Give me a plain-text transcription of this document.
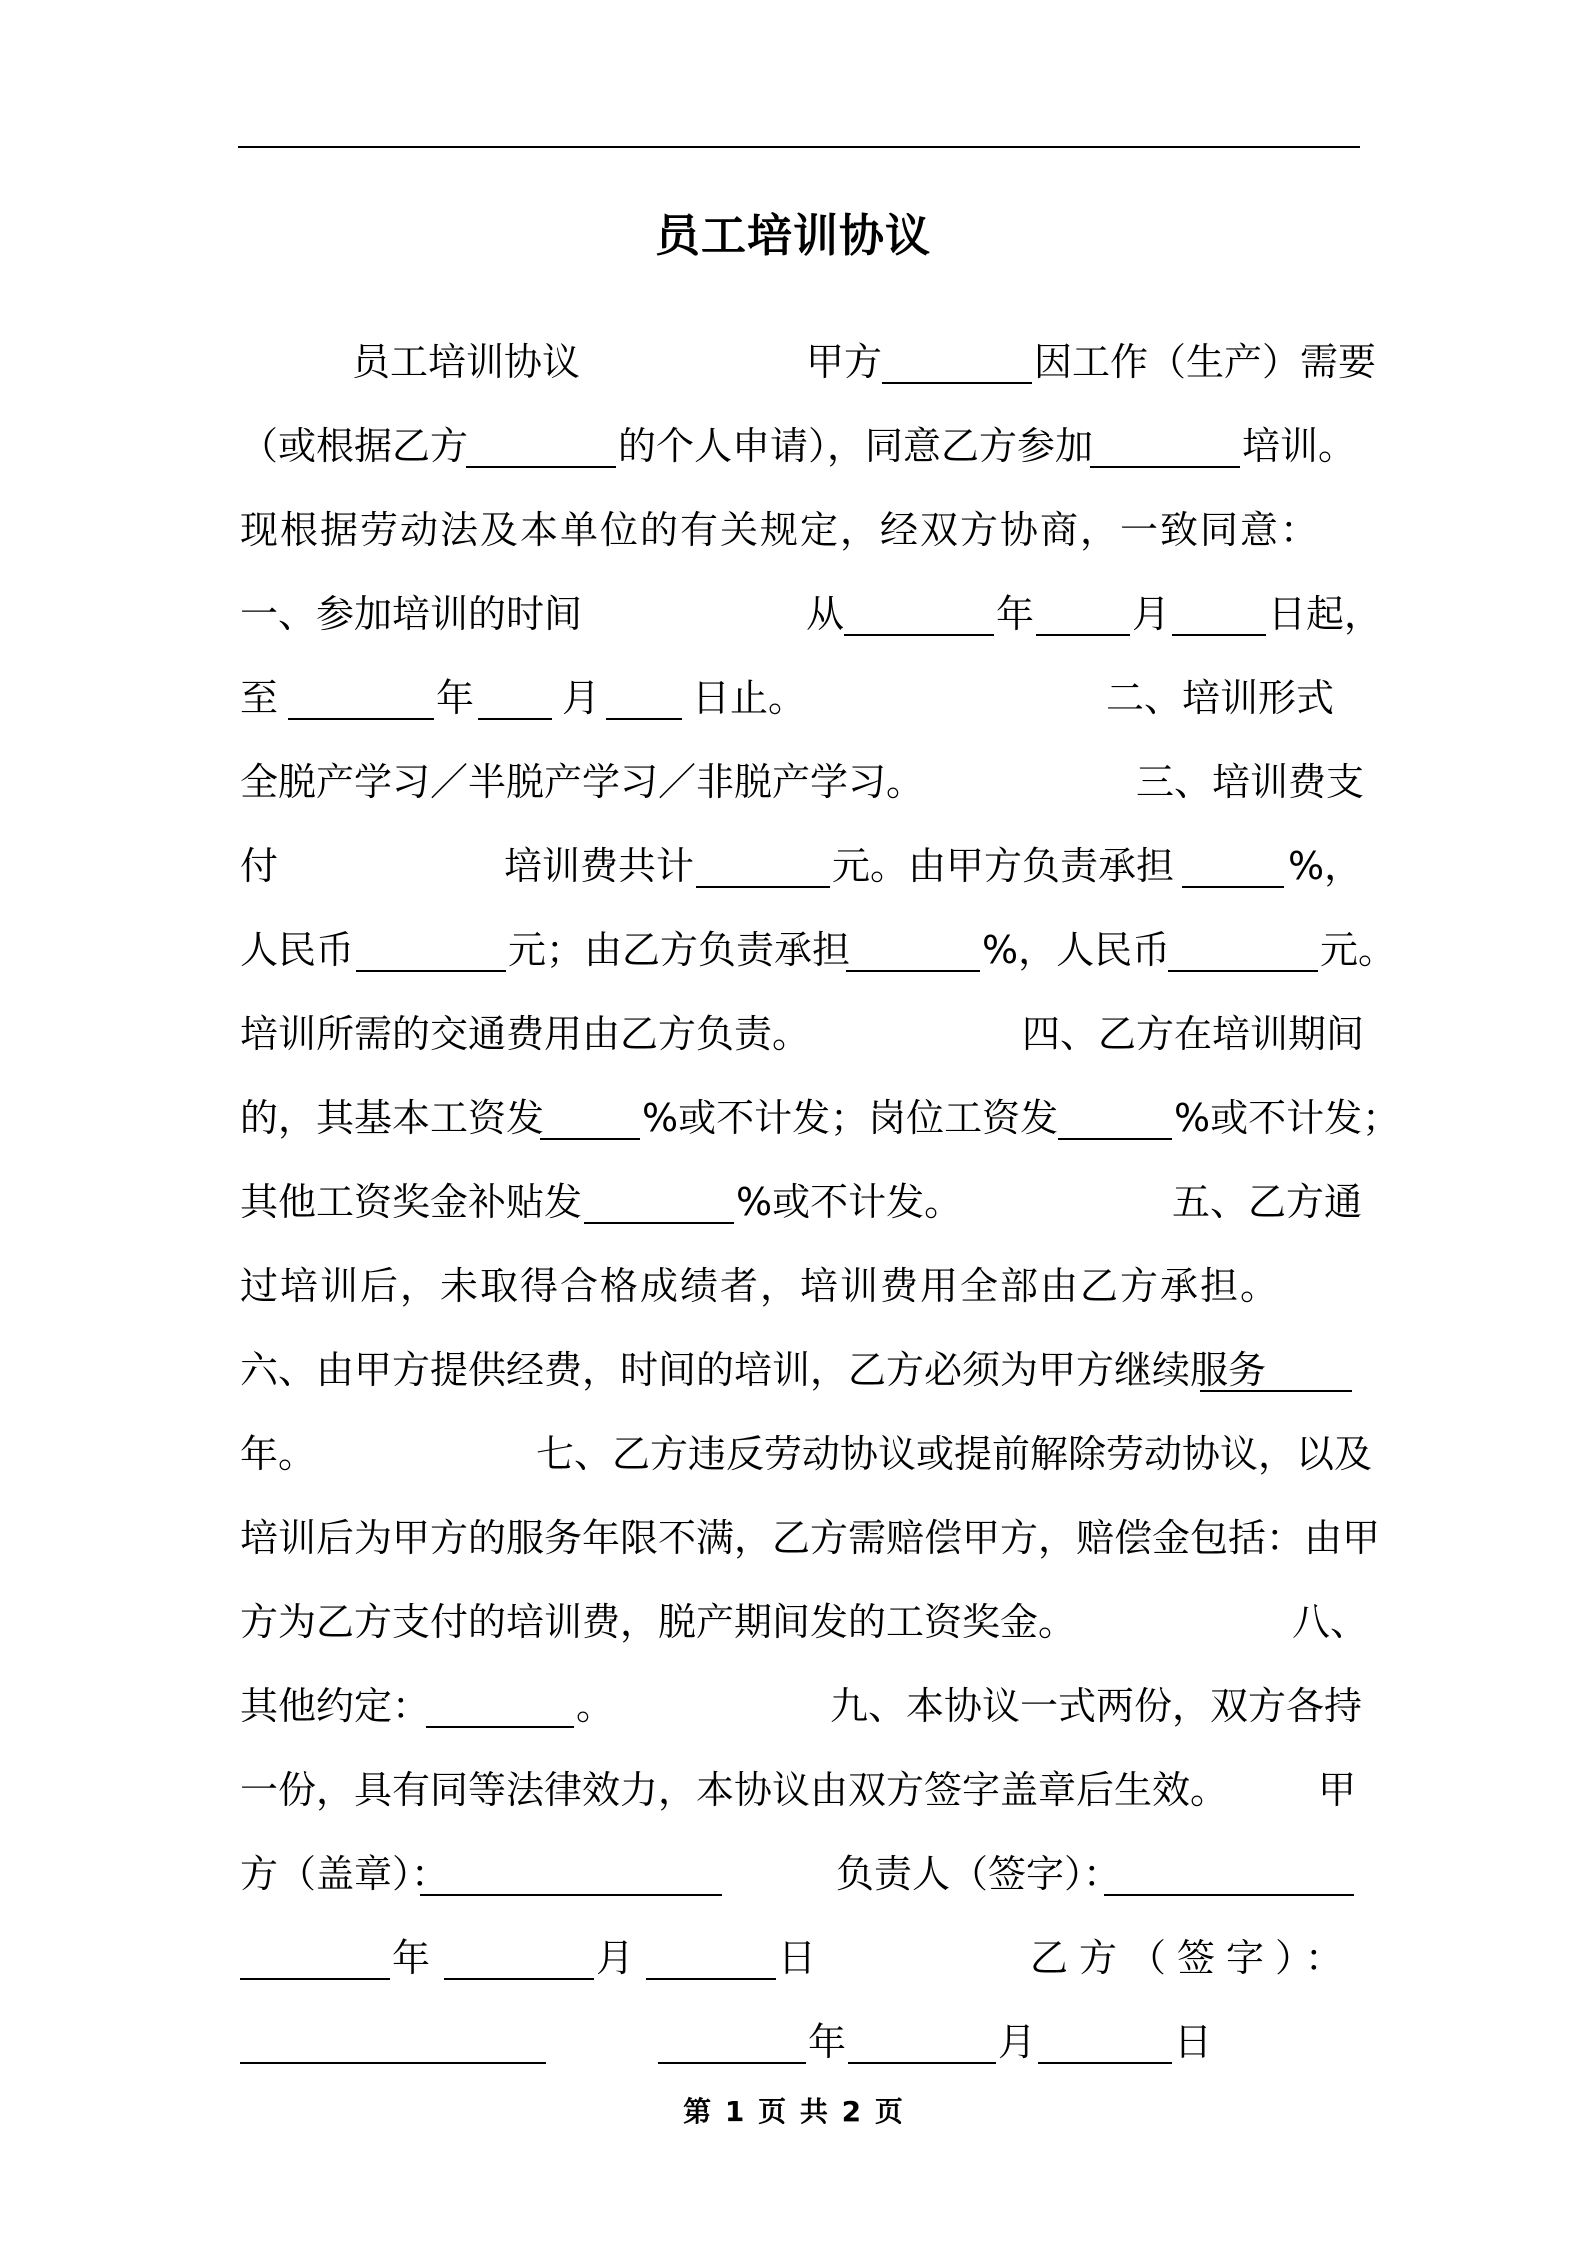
员工培训协议
员工培训协议	甲方	因工作（生产）需要
（或根据乙方	的个人申请），同意乙方参加	培训。
现根据劳动法及本单位的有关规定，经双方协商，一致同意：
一、参加培训的时间	从	年	月	日起，
至	年 月 日止。	二、培训形式
全脱产学习／半脱产学习／非脱产学习。	三、培训费支
付	培训费共计	元。由甲方负责承担	%，
人民币	元；由乙方负责承担	%，人民币	元。
培训所需的交通费用由乙方负责。	四、乙方在培训期间
的，其基本工资发	%或不计发；岗位工资发	%或不计发；
其他工资奖金补贴发	%或不计发。	五、乙方通
过培训后，未取得合格成绩者，培训费用全部由乙方承担。
六、由甲方提供经费，时间的培训，乙方必须为甲方继续服务
年。	七、乙方违反劳动协议或提前解除劳动协议，以及
培训后为甲方的服务年限不满，乙方需赔偿甲方，赔偿金包括：由甲
方为乙方支付的培训费，脱产期间发的工资奖金。	八、
其他约定：	。	九、本协议一式两份，双方各持
一份，具有同等法律效力，本协议由双方签字盖章后生效。 甲
方（盖章）：	负责人（签字）：
年	月	日	乙方（签字）：
年	月	日
第 1 页 共 2 页
